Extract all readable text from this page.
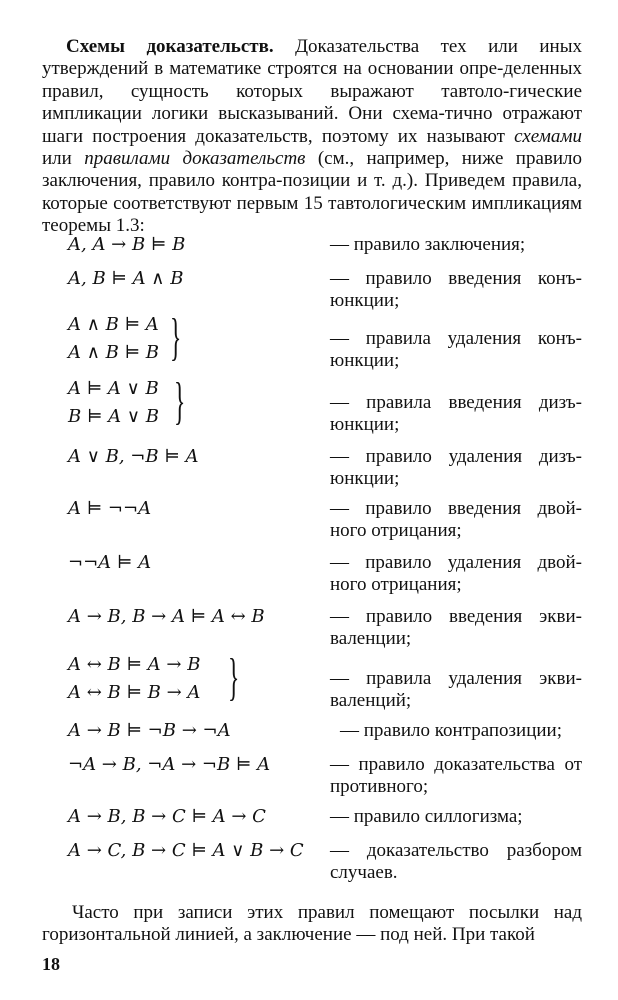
Схемы доказательств. Доказательства тех или иных утверждений в математике строятся на основании опре-деленных правил, сущность которых выражают тавтоло-гические импликации логики высказываний. Они схема-тично отражают шаги построения доказательств, поэтому их называют схемами или правилами доказательств (см., например, ниже правило заключения, правило контра-позиции и т. д.). Приведем правила, которые соответствуют первым 15 тавтологическим импликациям теоремы 1.3:

A, A → B ⊨ B	— правило заключения;
A, B ⊨ A ∧ B	— правило введения конъ-юнкции;
A ∧ B ⊨ A
A ∧ B ⊨ B }	— правила удаления конъ-юнкции;
A ⊨ A ∨ B
B ⊨ A ∨ B }	— правила введения дизъ-юнкции;
A ∨ B, ¬B ⊨ A	— правило удаления дизъ-юнкции;
A ⊨ ¬¬A	— правило введения двой-ного отрицания;
¬¬A ⊨ A	— правило удаления двой-ного отрицания;
A → B, B → A ⊨ A ↔ B	— правило введения экви-валенции;
A ↔ B ⊨ A → B
A ↔ B ⊨ B → A }	— правила удаления экви-валенций;
A → B ⊨ ¬B → ¬A	— правило контрапозиции;
¬A → B, ¬A → ¬B ⊨ A	— правило доказательства от противного;
A → B, B → C ⊨ A → C	— правило силлогизма;
A → C, B → C ⊨ A ∨ B → C — доказательство разбором случаев.

Часто при записи этих правил помещают посылки над горизонтальной линией, а заключение — под ней. При такой

18
